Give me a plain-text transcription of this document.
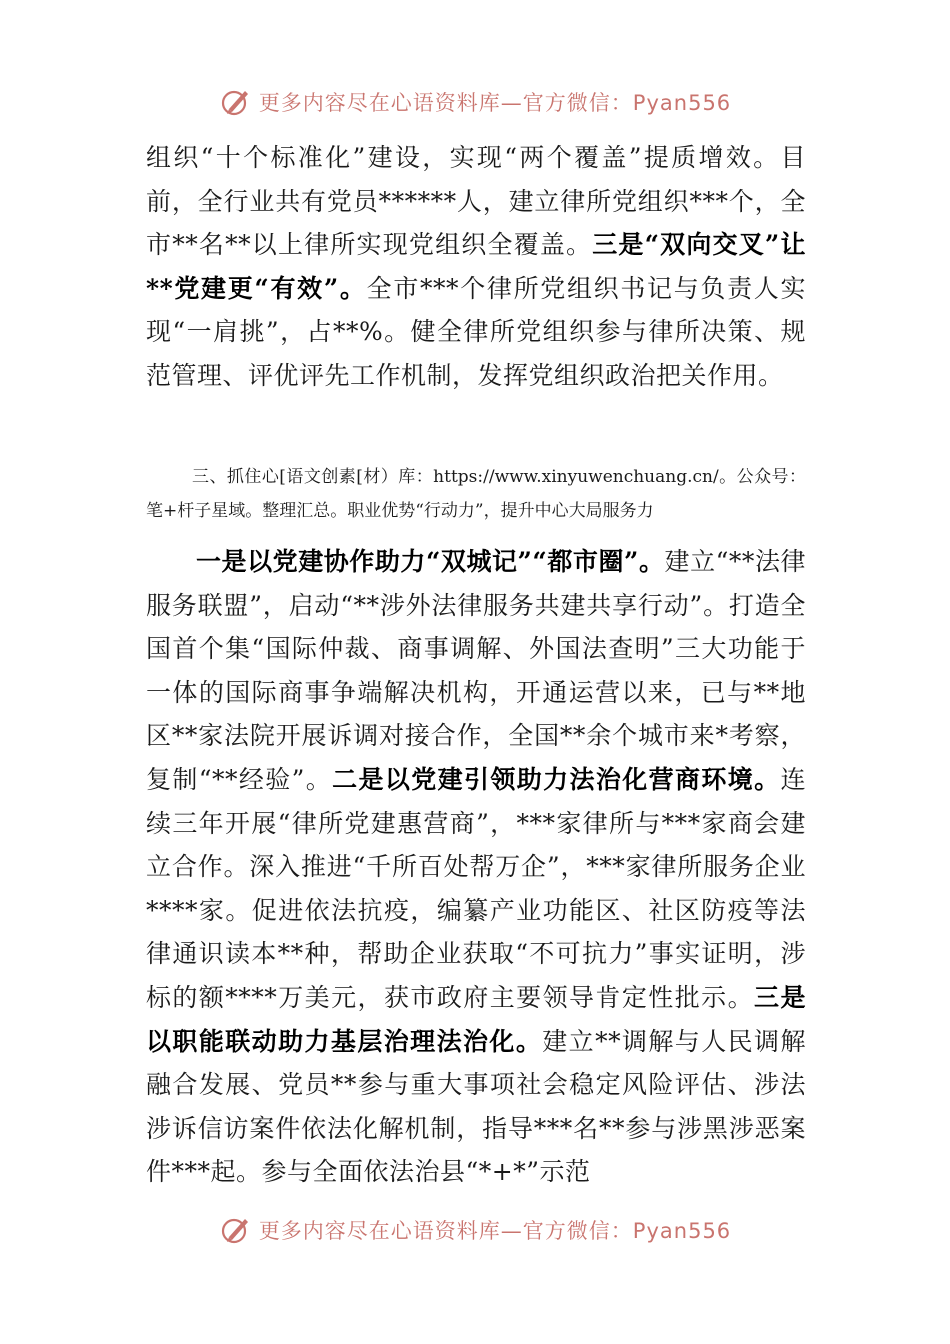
更多内容尽在心语资料库—官方微信：Pyan556
组织“十个标准化”建设，实现“两个覆盖”提质增效。目前，全行业共有党员******人，建立律所党组织***个，全市**名**以上律所实现党组织全覆盖。三是“双向交叉”让**党建更“有效”。全市***个律所党组织书记与负责人实现“一肩挑”，占**%。健全律所党组织参与律所决策、规范管理、评优评先工作机制，发挥党组织政治把关作用。
三、抓住心[语文创素[材）库：https://www.xinyuwenchuang.cn/。公众号：笔+杆子星域。整理汇总。职业优势“行动力”，提升中心大局服务力
一是以党建协作助力“双城记”“都市圈”。建立“**法律服务联盟”，启动“**涉外法律服务共建共享行动”。打造全国首个集“国际仲裁、商事调解、外国法查明”三大功能于一体的国际商事争端解决机构，开通运营以来，已与**地区**家法院开展诉调对接合作，全国**余个城市来*考察，复制“**经验”。二是以党建引领助力法治化营商环境。连续三年开展“律所党建惠营商”，***家律所与***家商会建立合作。深入推进“千所百处帮万企”，***家律所服务企业****家。促进依法抗疫，编纂产业功能区、社区防疫等法律通识读本**种，帮助企业获取“不可抗力”事实证明，涉标的额****万美元，获市政府主要领导肯定性批示。三是以职能联动助力基层治理法治化。建立**调解与人民调解融合发展、党员**参与重大事项社会稳定风险评估、涉法涉诉信访案件依法化解机制，指导***名**参与涉黑涉恶案件***起。参与全面依法治县“*+*”示范
更多内容尽在心语资料库—官方微信：Pyan556
